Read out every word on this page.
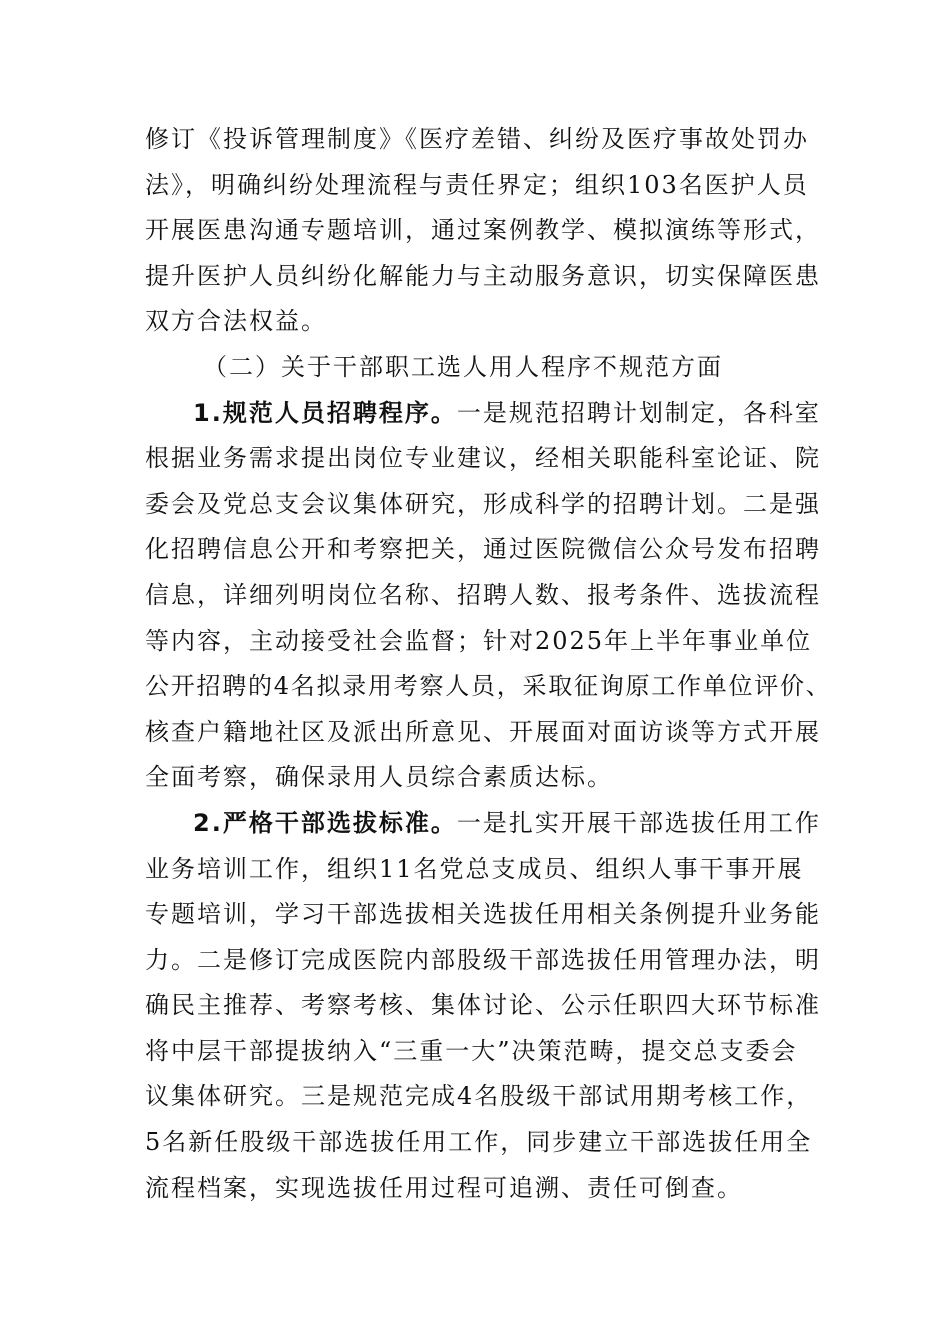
修订《投诉管理制度》《医疗差错、纠纷及医疗事故处罚办
法》，明确纠纷处理流程与责任界定；组织103名医护人员
开展医患沟通专题培训，通过案例教学、模拟演练等形式，
提升医护人员纠纷化解能力与主动服务意识，切实保障医患
双方合法权益。
（二）关于干部职工选人用人程序不规范方面
1.规范人员招聘程序。一是规范招聘计划制定，各科室
根据业务需求提出岗位专业建议，经相关职能科室论证、院
委会及党总支会议集体研究，形成科学的招聘计划。二是强
化招聘信息公开和考察把关，通过医院微信公众号发布招聘
信息，详细列明岗位名称、招聘人数、报考条件、选拔流程
等内容，主动接受社会监督；针对2025年上半年事业单位
公开招聘的4名拟录用考察人员，采取征询原工作单位评价、
核查户籍地社区及派出所意见、开展面对面访谈等方式开展
全面考察，确保录用人员综合素质达标。
2.严格干部选拔标准。一是扎实开展干部选拔任用工作
业务培训工作，组织11名党总支成员、组织人事干事开展
专题培训，学习干部选拔相关选拔任用相关条例提升业务能
力。二是修订完成医院内部股级干部选拔任用管理办法，明
确民主推荐、考察考核、集体讨论、公示任职四大环节标准
将中层干部提拔纳入“三重一大”决策范畴，提交总支委会
议集体研究。三是规范完成4名股级干部试用期考核工作，
5名新任股级干部选拔任用工作，同步建立干部选拔任用全
流程档案，实现选拔任用过程可追溯、责任可倒查。
